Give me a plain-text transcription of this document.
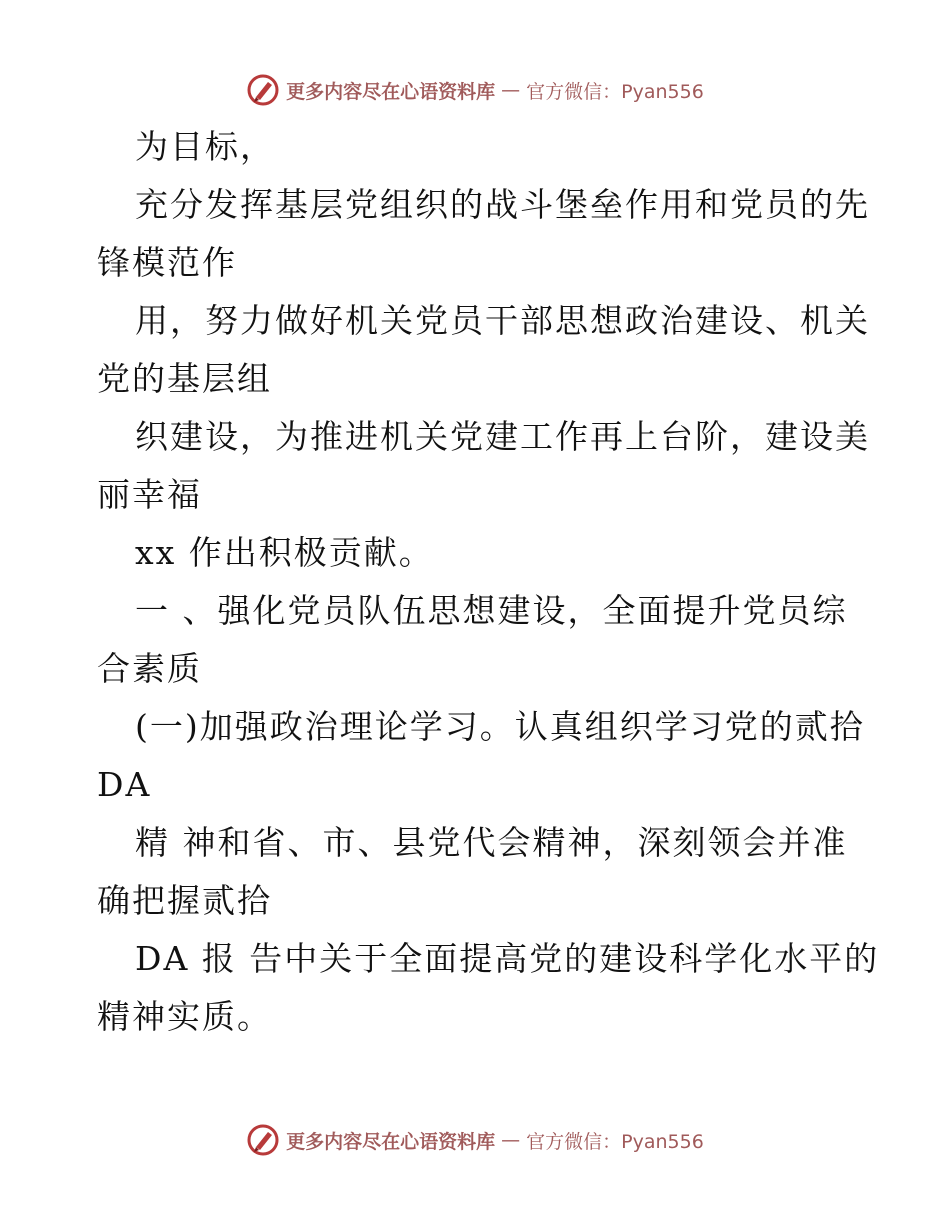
更多内容尽在心语资料库 — 官方微信：Pyan556
为目标，
充分发挥基层党组织的战斗堡垒作用和党员的先
锋模范作
用，努力做好机关党员干部思想政治建设、机关
党的基层组
织建设，为推进机关党建工作再上台阶，建设美
丽幸福
xx 作出积极贡献。
一 、强化党员队伍思想建设，全面提升党员综
合素质
(一)加强政治理论学习。认真组织学习党的贰拾
DA
精 神和省、市、县党代会精神，深刻领会并准
确把握贰拾
DA 报 告中关于全面提高党的建设科学化水平的
精神实质。
更多内容尽在心语资料库 — 官方微信：Pyan556
